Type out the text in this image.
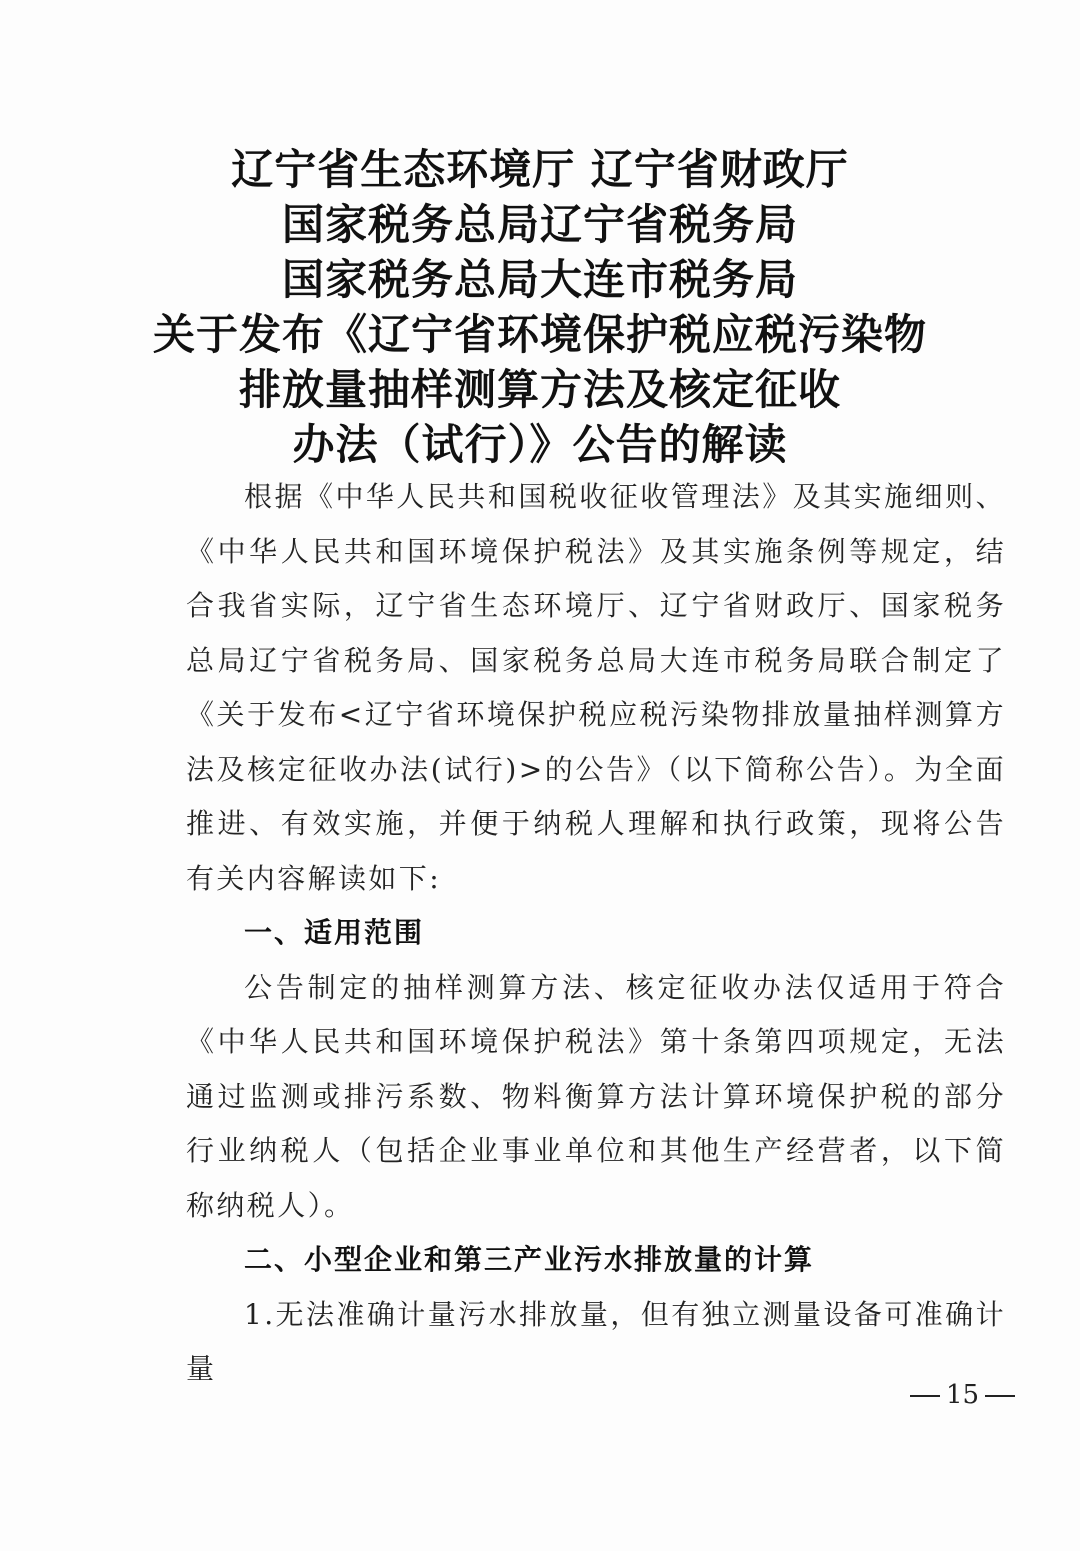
辽宁省生态环境厅 辽宁省财政厅
国家税务总局辽宁省税务局
国家税务总局大连市税务局
关于发布《辽宁省环境保护税应税污染物
排放量抽样测算方法及核定征收
办法（试行）》公告的解读

根据《中华人民共和国税收征收管理法》及其实施细则、《中华人民共和国环境保护税法》及其实施条例等规定，结合我省实际，辽宁省生态环境厅、辽宁省财政厅、国家税务总局辽宁省税务局、国家税务总局大连市税务局联合制定了《关于发布<辽宁省环境保护税应税污染物排放量抽样测算方法及核定征收办法(试行)>的公告》（以下简称公告）。为全面推进、有效实施，并便于纳税人理解和执行政策，现将公告有关内容解读如下:

一、适用范围

公告制定的抽样测算方法、核定征收办法仅适用于符合《中华人民共和国环境保护税法》第十条第四项规定，无法通过监测或排污系数、物料衡算方法计算环境保护税的部分行业纳税人（包括企业事业单位和其他生产经营者，以下简称纳税人）。

二、小型企业和第三产业污水排放量的计算

1.无法准确计量污水排放量，但有独立测量设备可准确计量

15
